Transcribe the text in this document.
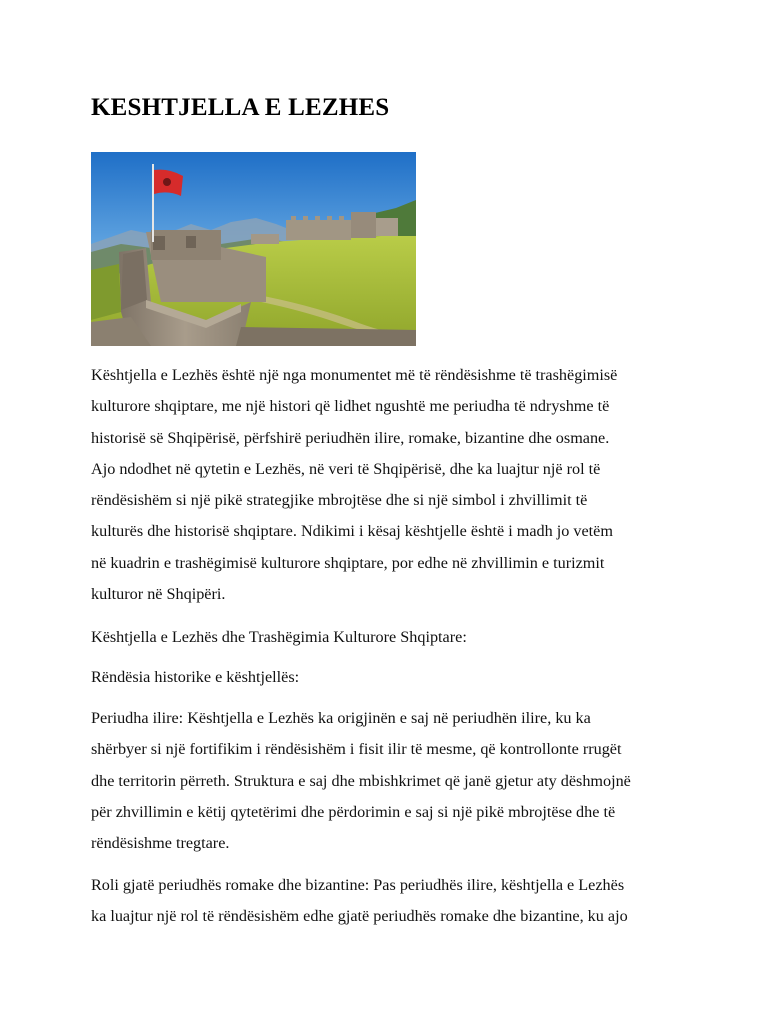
KESHTJELLA E LEZHES

Kështjella e Lezhës është një nga monumentet më të rëndësishme të trashëgimisë
kulturore shqiptare, me një histori që lidhet ngushtë me periudha të ndryshme të
historisë së Shqipërisë, përfshirë periudhën ilire, romake, bizantine dhe osmane.
Ajo ndodhet në qytetin e Lezhës, në veri të Shqipërisë, dhe ka luajtur një rol të
rëndësishëm si një pikë strategjike mbrojtëse dhe si një simbol i zhvillimit të
kulturës dhe historisë shqiptare. Ndikimi i kësaj kështjelle është i madh jo vetëm
në kuadrin e trashëgimisë kulturore shqiptare, por edhe në zhvillimin e turizmit
kulturor në Shqipëri.

Kështjella e Lezhës dhe Trashëgimia Kulturore Shqiptare:

Rëndësia historike e kështjellës:

Periudha ilire: Kështjella e Lezhës ka origjinën e saj në periudhën ilire, ku ka
shërbyer si një fortifikim i rëndësishëm i fisit ilir të mesme, që kontrollonte rrugët
dhe territorin përreth. Struktura e saj dhe mbishkrimet që janë gjetur aty dëshmojnë
për zhvillimin e këtij qytetërimi dhe përdorimin e saj si një pikë mbrojtëse dhe të
rëndësishme tregtare.

Roli gjatë periudhës romake dhe bizantine: Pas periudhës ilire, kështjella e Lezhës
ka luajtur një rol të rëndësishëm edhe gjatë periudhës romake dhe bizantine, ku ajo
